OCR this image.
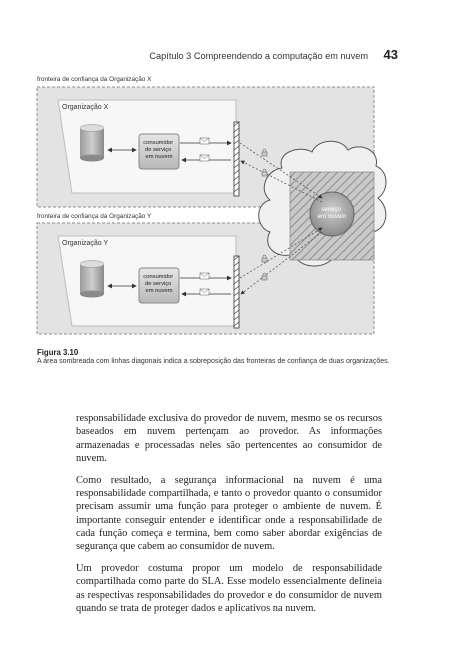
Capítulo 3 Compreendendo a computação em nuvem 43
fronteira de confiança da Organização X
fronteira de confiança da Organização Y
serviço em nuvem
consumidor de serviço em nuvem
consumidor de serviço em nuvem
Organização X
Organização Y
Figura 3.10
A área sombreada com linhas diagonais indica a sobreposição das fronteiras de confiança de duas organizações.

responsabilidade exclusiva do provedor de nuvem, mesmo se os recursos baseados em nuvem pertençam ao provedor. As informações armazenadas e processadas neles são pertencentes ao consumidor de nuvem.

Como resultado, a segurança informacional na nuvem é uma responsabilidade compartilhada, e tanto o provedor quanto o consumidor precisam assumir uma função para proteger o ambiente de nuvem. É importante conseguir entender e identificar onde a responsabilidade de cada função começa e termina, bem como saber abordar exigências de segurança que cabem ao consumidor de nuvem.

Um provedor costuma propor um modelo de responsabilidade compartilhada como parte do SLA. Esse modelo essencialmente delineia as respectivas responsabilidades do provedor e do consumidor de nuvem quando se trata de proteger dados e aplicativos na nuvem.
